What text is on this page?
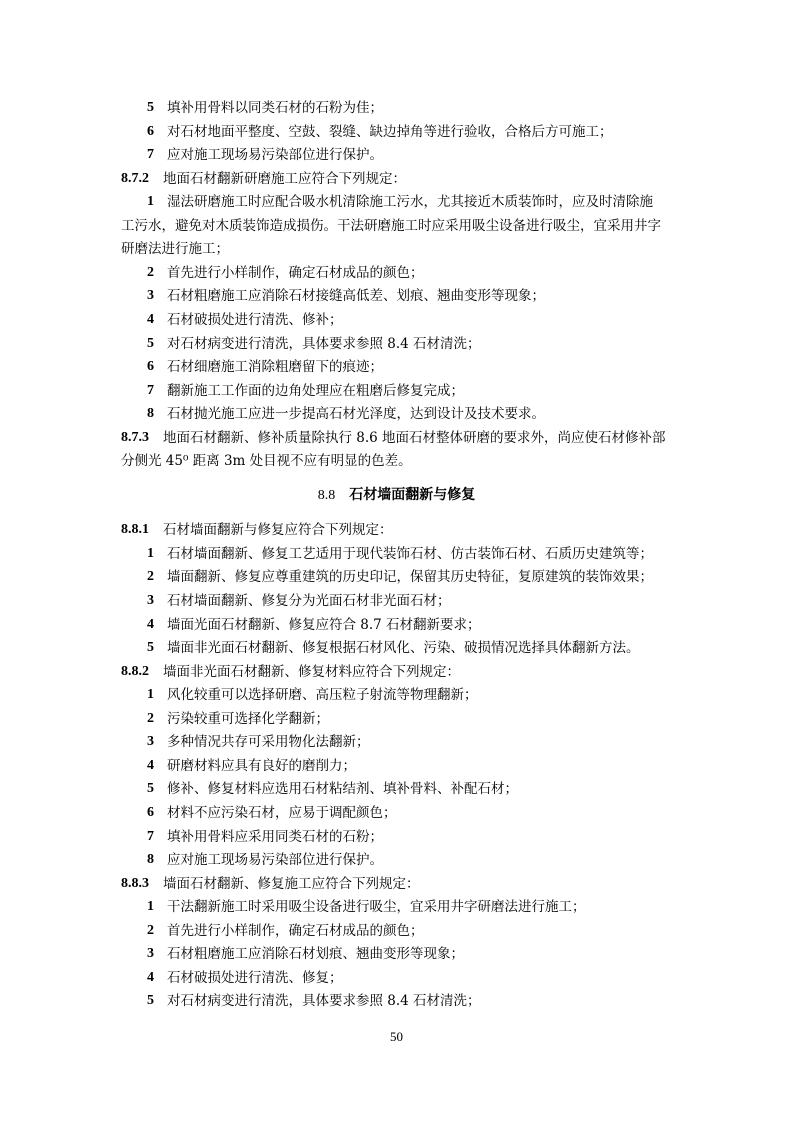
5 填补用骨料以同类石材的石粉为佳；
6 对石材地面平整度、空鼓、裂缝、缺边掉角等进行验收，合格后方可施工；
7 应对施工现场易污染部位进行保护。
8.7.2 地面石材翻新研磨施工应符合下列规定：
1 湿法研磨施工时应配合吸水机清除施工污水，尤其接近木质装饰时，应及时清除施
工污水，避免对木质装饰造成损伤。干法研磨施工时应采用吸尘设备进行吸尘，宜采用井字
研磨法进行施工；
2 首先进行小样制作，确定石材成品的颜色；
3 石材粗磨施工应消除石材接缝高低差、划痕、翘曲变形等现象；
4 石材破损处进行清洗、修补；
5 对石材病变进行清洗，具体要求参照 8.4 石材清洗；
6 石材细磨施工消除粗磨留下的痕迹；
7 翻新施工工作面的边角处理应在粗磨后修复完成；
8 石材抛光施工应进一步提高石材光泽度，达到设计及技术要求。
8.7.3 地面石材翻新、修补质量除执行 8.6 地面石材整体研磨的要求外，尚应使石材修补部
分侧光 45⁰ 距离 3m 处目视不应有明显的色差。
8.8 石材墙面翻新与修复
8.8.1 石材墙面翻新与修复应符合下列规定：
1 石材墙面翻新、修复工艺适用于现代装饰石材、仿古装饰石材、石质历史建筑等；
2 墙面翻新、修复应尊重建筑的历史印记，保留其历史特征，复原建筑的装饰效果；
3 石材墙面翻新、修复分为光面石材非光面石材；
4 墙面光面石材翻新、修复应符合 8.7 石材翻新要求；
5 墙面非光面石材翻新、修复根据石材风化、污染、破损情况选择具体翻新方法。
8.8.2 墙面非光面石材翻新、修复材料应符合下列规定：
1 风化较重可以选择研磨、高压粒子射流等物理翻新；
2 污染较重可选择化学翻新；
3 多种情况共存可采用物化法翻新；
4 研磨材料应具有良好的磨削力；
5 修补、修复材料应选用石材粘结剂、填补骨料、补配石材；
6 材料不应污染石材，应易于调配颜色；
7 填补用骨料应采用同类石材的石粉；
8 应对施工现场易污染部位进行保护。
8.8.3 墙面石材翻新、修复施工应符合下列规定：
1 干法翻新施工时采用吸尘设备进行吸尘，宜采用井字研磨法进行施工；
2 首先进行小样制作，确定石材成品的颜色；
3 石材粗磨施工应消除石材划痕、翘曲变形等现象；
4 石材破损处进行清洗、修复；
5 对石材病变进行清洗，具体要求参照 8.4 石材清洗；
50
